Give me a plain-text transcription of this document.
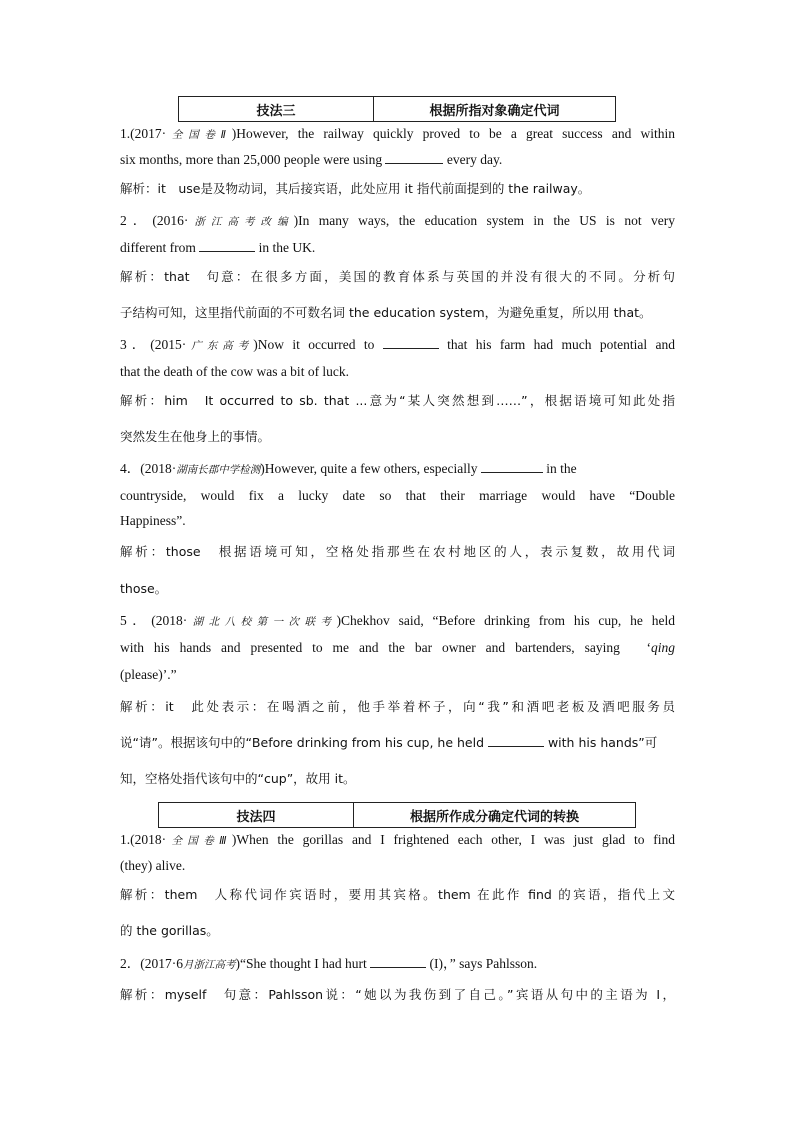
技法三	根据所指对象确定代词
1.(2017·全国卷Ⅱ)However, the railway quickly proved to be a great success and within
six months, more than 25,000 people were using	every day.
解析：it　use是及物动词，其后接宾语，此处应用 it 指代前面提到的 the railway。
2．(2016·浙江高考改编)In many ways, the education system in the US is not very
different from	in the UK.
解析：that　句意：在很多方面，美国的教育体系与英国的并没有很大的不同。分析句
子结构可知，这里指代前面的不可数名词 the education system，为避免重复，所以用 that。
3．(2015·广东高考)Now it occurred to	that his farm had much potential and
that the death of the cow was a bit of luck.
解析：him　It occurred to sb. that ...意为“某人突然想到……”，根据语境可知此处指
突然发生在他身上的事情。
4．(2018·湖南长郡中学检测)However, quite a few others, especially	in the
countryside, would fix a lucky date so that their marriage would have “Double
Happiness”.
解析：those　根据语境可知，空格处指那些在农村地区的人，表示复数，故用代词
those。
5．(2018·湖北八校第一次联考)Chekhov said, “Before drinking from his cup, he held
with his hands and presented to me and the bar owner and bartenders, saying　‘qing
(please)’.”
解析：it　此处表示：在喝酒之前，他手举着杯子，向“我”和酒吧老板及酒吧服务员
说“请”。根据该句中的“Before drinking from his cup, he held	with his hands”可
知，空格处指代该句中的“cup”，故用 it。
技法四	根据所作成分确定代词的转换
1.(2018·全国卷Ⅲ)When the gorillas and I frightened each other, I was just glad to find
(they) alive.
解析：them　人称代词作宾语时，要用其宾格。them 在此作 find 的宾语，指代上文
的 the gorillas。
2．(2017·6月浙江高考)“She thought I had hurt	(I)，” says Pahlsson.
解析：myself　句意：Pahlsson说：“她以为我伤到了自己。”宾语从句中的主语为 I，
